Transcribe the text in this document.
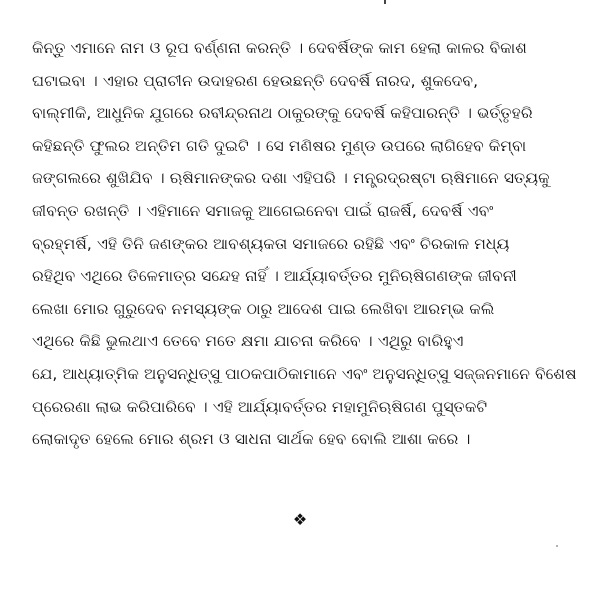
କିନ୍ତୁ ଏମାନେ ନାମ ଓ ରୂପ ବର୍ଣ୍ଣନା କରନ୍ତି । ଦେବର୍ଷିଙ୍କ କାମ ହେଲା କାଳର ବିକାଶ
ଘଟାଇବା । ଏହାର ପ୍ରାଚୀନ ଉଦାହରଣ ହେଉଛନ୍ତି ଦେବର୍ଷି ନାରଦ, ଶୁକଦେବ,
ବାଲ୍ମୀକି, ଆଧୁନିକ ଯୁଗରେ ରବୀନ୍ଦ୍ରନାଥ ଠାକୁରଙ୍କୁ ଦେବର୍ଷି କହିପାରନ୍ତି । ଭର୍ତ୍ତୃହରି
କହିଛନ୍ତି ଫୁଲର ଅନ୍ତିମ ଗତି ଦୁଇଟି । ସେ ମଣିଷର ମୁଣ୍ଡ ଉପରେ ଲାଗିହେବ କିମ୍ବା
ଜଙ୍ଗଲରେ ଶୁଖିଯିବ । ଋଷିମାନଙ୍କର ଦଶା ଏହିପରି । ମନ୍ତ୍ରଦ୍ରଷ୍ଟା ଋଷିମାନେ ସତ୍ୟକୁ
ଜୀବନ୍ତ ରଖନ୍ତି । ଏହିମାନେ ସମାଜକୁ ଆଗେଇନେବା ପାଇଁ ରାଜର୍ଷି, ଦେବର୍ଷି ଏବଂ
ବ୍ରହ୍ମର୍ଷି, ଏହି ତିନି ଜଣଙ୍କର ଆବଶ୍ୟକତା ସମାଜରେ ରହିଛି ଏବଂ ଚିରକାଳ ମଧ୍ୟ
ରହିଥିବ ଏଥିରେ ତିଳେମାତ୍ର ସନ୍ଦେହ ନାହିଁ । ଆର୍ଯ୍ୟାବର୍ତ୍ତର ମୁନିଋଷିଗଣଙ୍କ ଜୀବନୀ
ଲେଖା ମୋର ଗୁରୁଦେବ ନମସ୍ୟଙ୍କ ଠାରୁ ଆଦେଶ ପାଇ ଲେଖିବା ଆରମ୍ଭ କଲି
ଏଥିରେ କିଛି ଭୁଲଥାଏ ତେବେ ମତେ କ୍ଷମା ଯାଚନା କରିବେ । ଏଥିରୁ ବାରିହୁଏ
ଯେ, ଆଧ୍ୟାତ୍ମିକ ଅନୁସନ୍ଧିତ୍ସୁ ପାଠକପାଠିକାମାନେ ଏବଂ ଅନୁସନ୍ଧିତ୍ସୁ ସଜ୍ଜନମାନେ ବିଶେଷ
ପ୍ରେରଣା ଲାଭ କରିପାରିବେ । ଏହି ଆର୍ଯ୍ୟାବର୍ତ୍ତର ମହାମୁନିଋଷିଗଣ ପୁସ୍ତକଟି
ଲୋକାଦୃତ ହେଲେ ମୋର ଶ୍ରମ ଓ ସାଧନା ସାର୍ଥକ ହେବ ବୋଲି ଆଶା କରେ ।
❖
